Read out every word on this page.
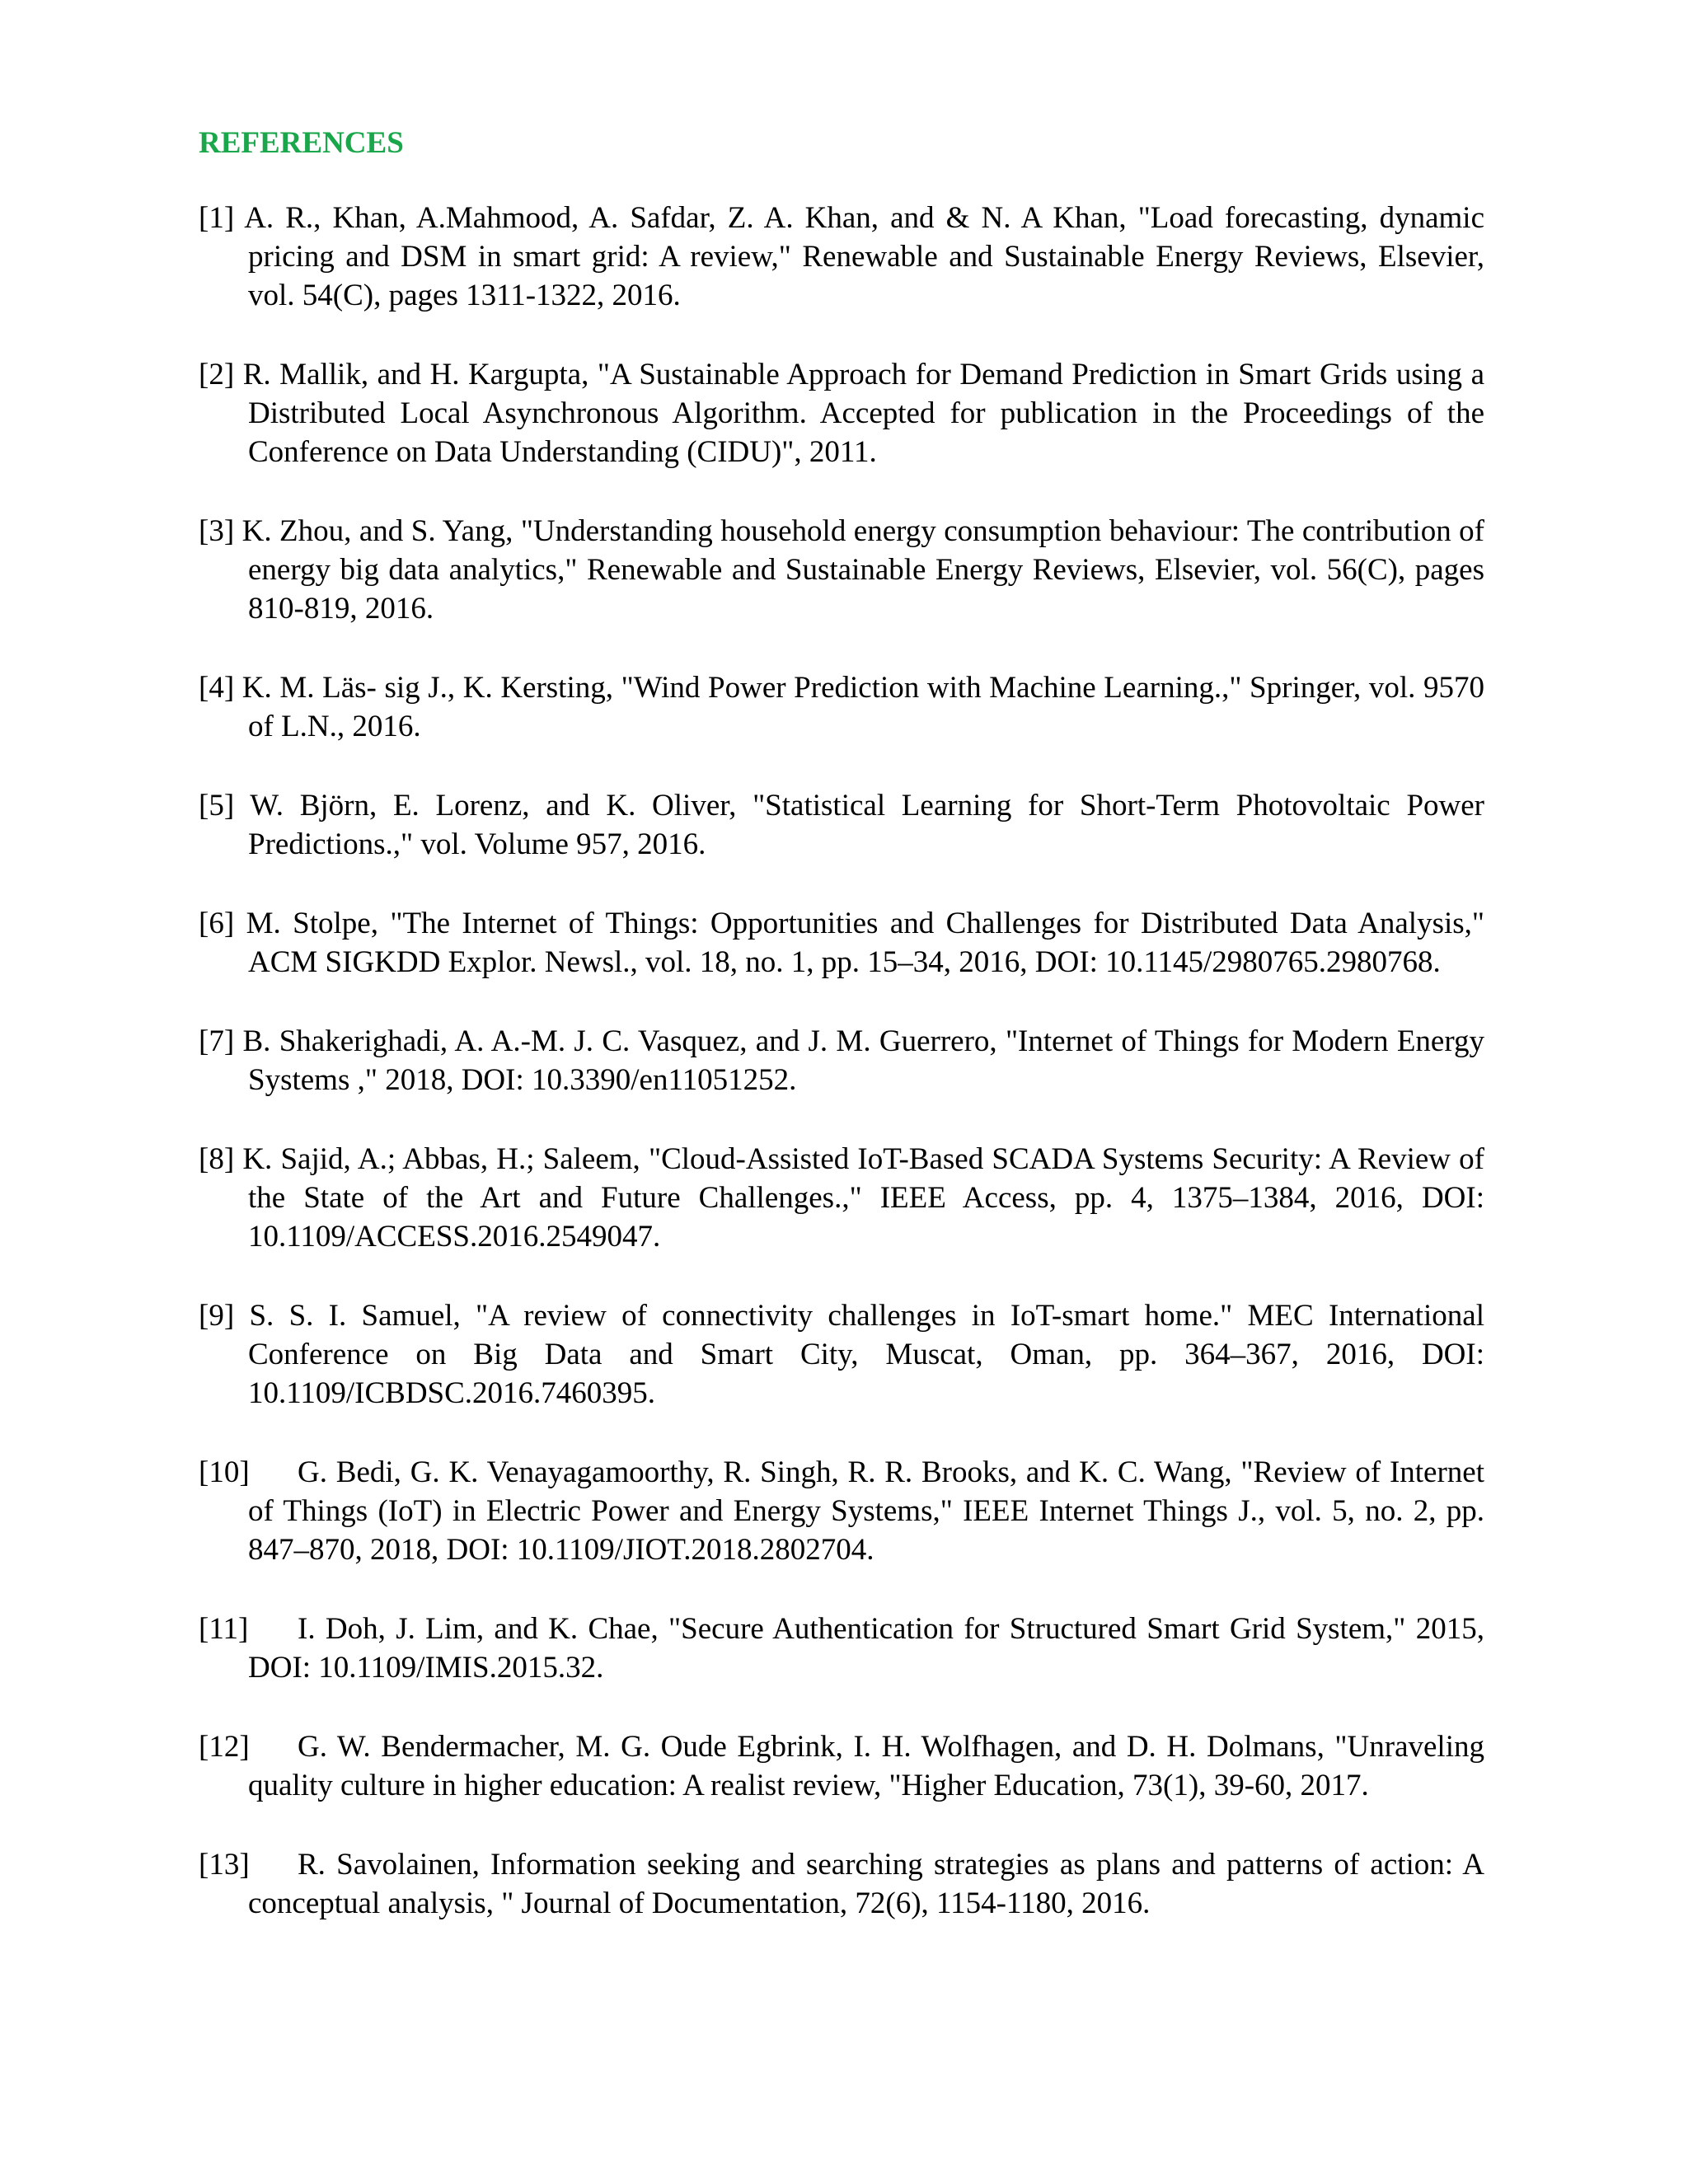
REFERENCES
[1] A. R., Khan, A.Mahmood, A. Safdar, Z. A. Khan, and & N. A Khan, "Load forecasting, dynamic pricing and DSM in smart grid: A review," Renewable and Sustainable Energy Reviews, Elsevier, vol. 54(C), pages 1311-1322, 2016.
[2] R. Mallik, and H. Kargupta, "A Sustainable Approach for Demand Prediction in Smart Grids using a Distributed Local Asynchronous Algorithm. Accepted for publication in the Proceedings of the Conference on Data Understanding (CIDU)", 2011.
[3] K. Zhou, and S. Yang, "Understanding household energy consumption behaviour: The contribution of energy big data analytics," Renewable and Sustainable Energy Reviews, Elsevier, vol. 56(C), pages 810-819, 2016.
[4] K. M. Läs- sig J., K. Kersting, "Wind Power Prediction with Machine Learning.," Springer, vol. 9570 of L.N., 2016.
[5] W. Björn, E. Lorenz, and K. Oliver, "Statistical Learning for Short-Term Photovoltaic Power Predictions.," vol. Volume 957, 2016.
[6] M. Stolpe, "The Internet of Things: Opportunities and Challenges for Distributed Data Analysis," ACM SIGKDD Explor. Newsl., vol. 18, no. 1, pp. 15–34, 2016, DOI: 10.1145/2980765.2980768.
[7] B. Shakerighadi, A. A.-M. J. C. Vasquez, and J. M. Guerrero, "Internet of Things for Modern Energy Systems ," 2018, DOI: 10.3390/en11051252.
[8] K. Sajid, A.; Abbas, H.; Saleem, "Cloud-Assisted IoT-Based SCADA Systems Security: A Review of the State of the Art and Future Challenges.," IEEE Access, pp. 4, 1375–1384, 2016, DOI: 10.1109/ACCESS.2016.2549047.
[9] S. S. I. Samuel, "A review of connectivity challenges in IoT-smart home." MEC International Conference on Big Data and Smart City, Muscat, Oman, pp. 364–367, 2016, DOI: 10.1109/ICBDSC.2016.7460395.
[10] G. Bedi, G. K. Venayagamoorthy, R. Singh, R. R. Brooks, and K. C. Wang, "Review of Internet of Things (IoT) in Electric Power and Energy Systems," IEEE Internet Things J., vol. 5, no. 2, pp. 847–870, 2018, DOI: 10.1109/JIOT.2018.2802704.
[11] I. Doh, J. Lim, and K. Chae, "Secure Authentication for Structured Smart Grid System," 2015, DOI: 10.1109/IMIS.2015.32.
[12] G. W. Bendermacher, M. G. Oude Egbrink, I. H. Wolfhagen, and D. H. Dolmans, "Unraveling quality culture in higher education: A realist review, "Higher Education, 73(1), 39-60, 2017.
[13] R. Savolainen, Information seeking and searching strategies as plans and patterns of action: A conceptual analysis, " Journal of Documentation, 72(6), 1154-1180, 2016.
